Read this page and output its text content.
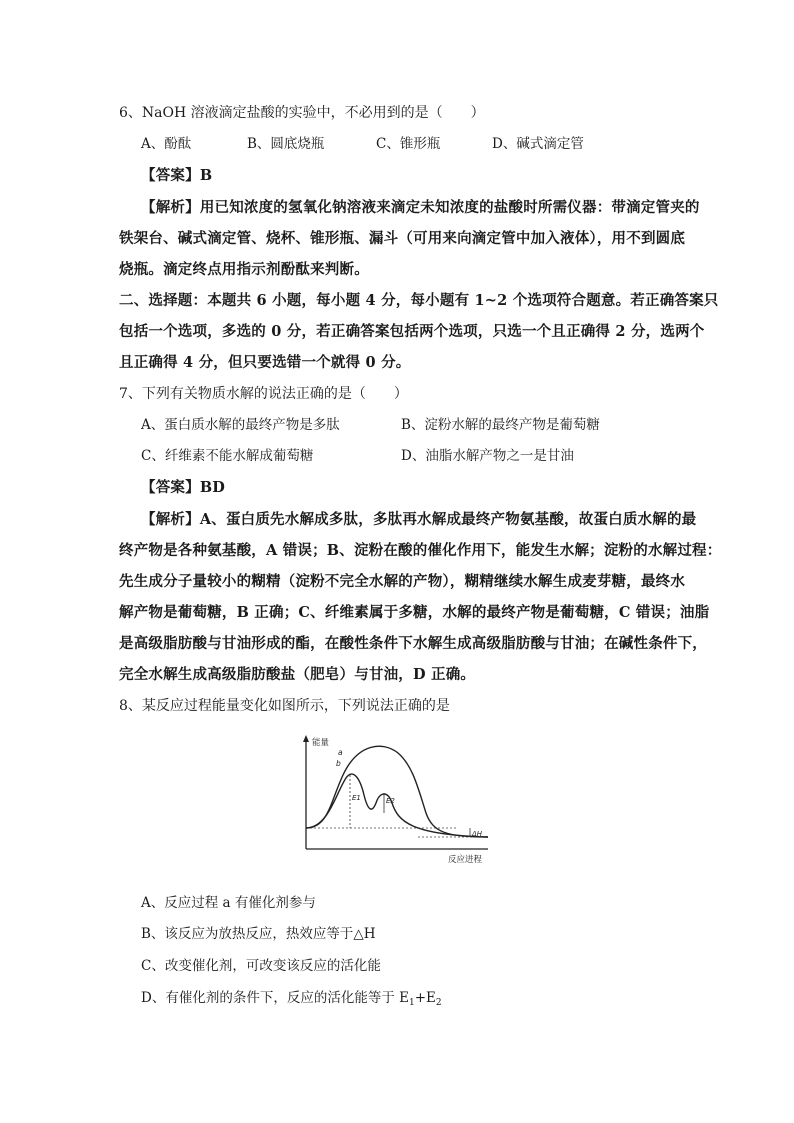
6、NaOH 溶液滴定盐酸的实验中，不必用到的是（　　）
A、酚酞	B、圆底烧瓶	C、锥形瓶	D、碱式滴定管
【答案】B
【解析】用已知浓度的氢氧化钠溶液来滴定未知浓度的盐酸时所需仪器：带滴定管夹的
铁架台、碱式滴定管、烧杯、锥形瓶、漏斗（可用来向滴定管中加入液体），用不到圆底
烧瓶。滴定终点用指示剂酚酞来判断。
二、选择题：本题共 6 小题，每小题 4 分，每小题有 1~2 个选项符合题意。若正确答案只
包括一个选项，多选的 0 分，若正确答案包括两个选项，只选一个且正确得 2 分，选两个
且正确得 4 分，但只要选错一个就得 0 分。
7、下列有关物质水解的说法正确的是（　　）
A、蛋白质水解的最终产物是多肽	B、淀粉水解的最终产物是葡萄糖
C、纤维素不能水解成葡萄糖	D、油脂水解产物之一是甘油
【答案】BD
【解析】A、蛋白质先水解成多肽，多肽再水解成最终产物氨基酸，故蛋白质水解的最
终产物是各种氨基酸，A 错误；B、淀粉在酸的催化作用下，能发生水解；淀粉的水解过程：
先生成分子量较小的糊精（淀粉不完全水解的产物），糊精继续水解生成麦芽糖，最终水
解产物是葡萄糖，B 正确；C、纤维素属于多糖，水解的最终产物是葡萄糖，C 错误；油脂
是高级脂肪酸与甘油形成的酯，在酸性条件下水解生成高级脂肪酸与甘油；在碱性条件下，
完全水解生成高级脂肪酸盐（肥皂）与甘油，D 正确。
8、某反应过程能量变化如图所示，下列说法正确的是
能量
反应进程
a
b
E1	E2
ΔH
A、反应过程 a 有催化剂参与
B、该反应为放热反应，热效应等于△H
C、改变催化剂，可改变该反应的活化能
D、有催化剂的条件下，反应的活化能等于 $E_1+E_2$
